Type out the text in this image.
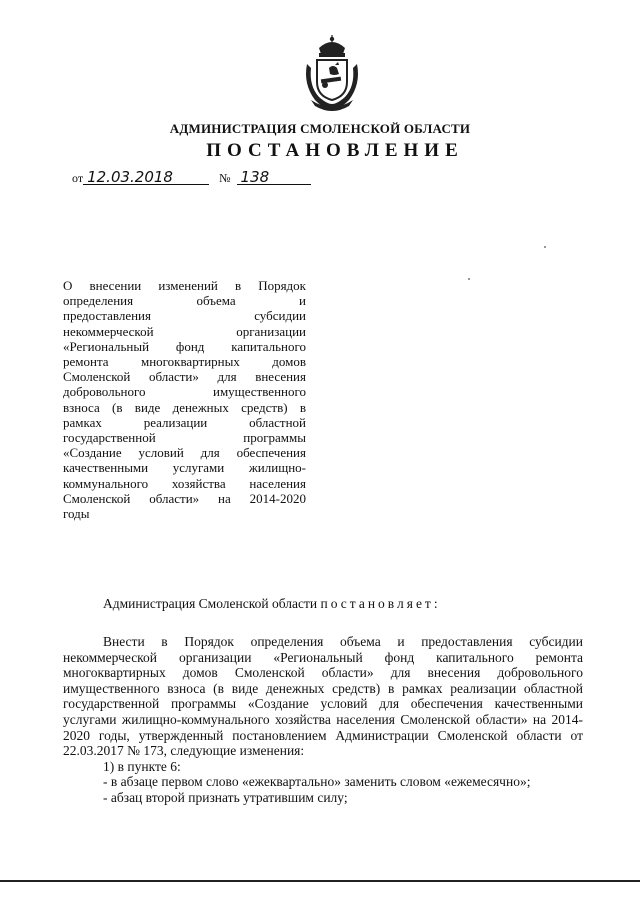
АДМИНИСТРАЦИЯ СМОЛЕНСКОЙ ОБЛАСТИ
ПОСТАНОВЛЕНИЕ
от 12.03.2018	№ 138
О внесении изменений в Порядок
определения объема и
предоставления субсидии
некоммерческой организации
«Региональный фонд капитального
ремонта многоквартирных домов
Смоленской области» для внесения
добровольного имущественного
взноса (в виде денежных средств) в
рамках реализации областной
государственной программы
«Создание условий для обеспечения
качественными услугами жилищно-
коммунального хозяйства населения
Смоленской области» на 2014-2020
годы
Администрация Смоленской области постановляет:

Внести в Порядок определения объема и предоставления субсидии некоммерческой организации «Региональный фонд капитального ремонта многоквартирных домов Смоленской области» для внесения добровольного имущественного взноса (в виде денежных средств) в рамках реализации областной государственной программы «Создание условий для обеспечения качественными услугами жилищно-коммунального хозяйства населения Смоленской области» на 2014-2020 годы, утвержденный постановлением Администрации Смоленской области от 22.03.2017 № 173, следующие изменения:

1) в пункте 6:

- в абзаце первом слово «ежеквартально» заменить словом «ежемесячно»;

- абзац второй признать утратившим силу;
